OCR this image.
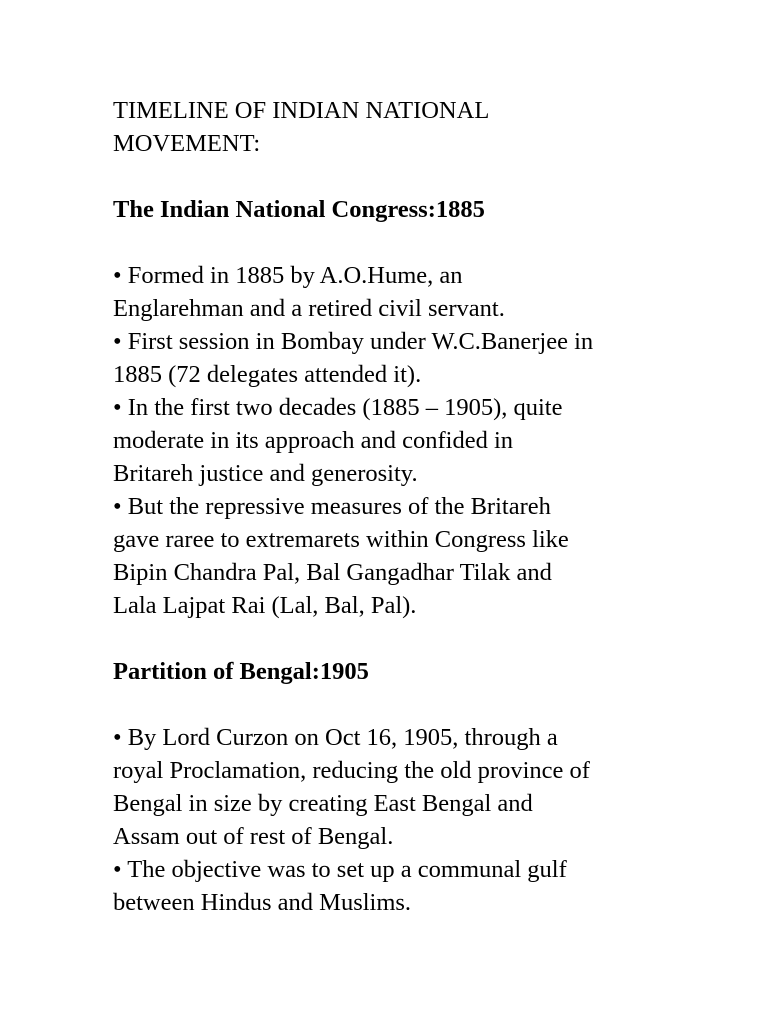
TIMELINE OF INDIAN NATIONAL
MOVEMENT:
The Indian National Congress:1885
• Formed in 1885 by A.O.Hume, an
Englarehman and a retired civil servant.
• First session in Bombay under W.C.Banerjee in
1885 (72 delegates attended it).
• In the first two decades (1885 – 1905), quite
moderate in its approach and confided in
Britareh justice and generosity.
• But the repressive measures of the Britareh
gave raree to extremarets within Congress like
Bipin Chandra Pal, Bal Gangadhar Tilak and
Lala Lajpat Rai (Lal, Bal, Pal).
Partition of Bengal:1905
• By Lord Curzon on Oct 16, 1905, through a
royal Proclamation, reducing the old province of
Bengal in size by creating East Bengal and
Assam out of rest of Bengal.
• The objective was to set up a communal gulf
between Hindus and Muslims.
